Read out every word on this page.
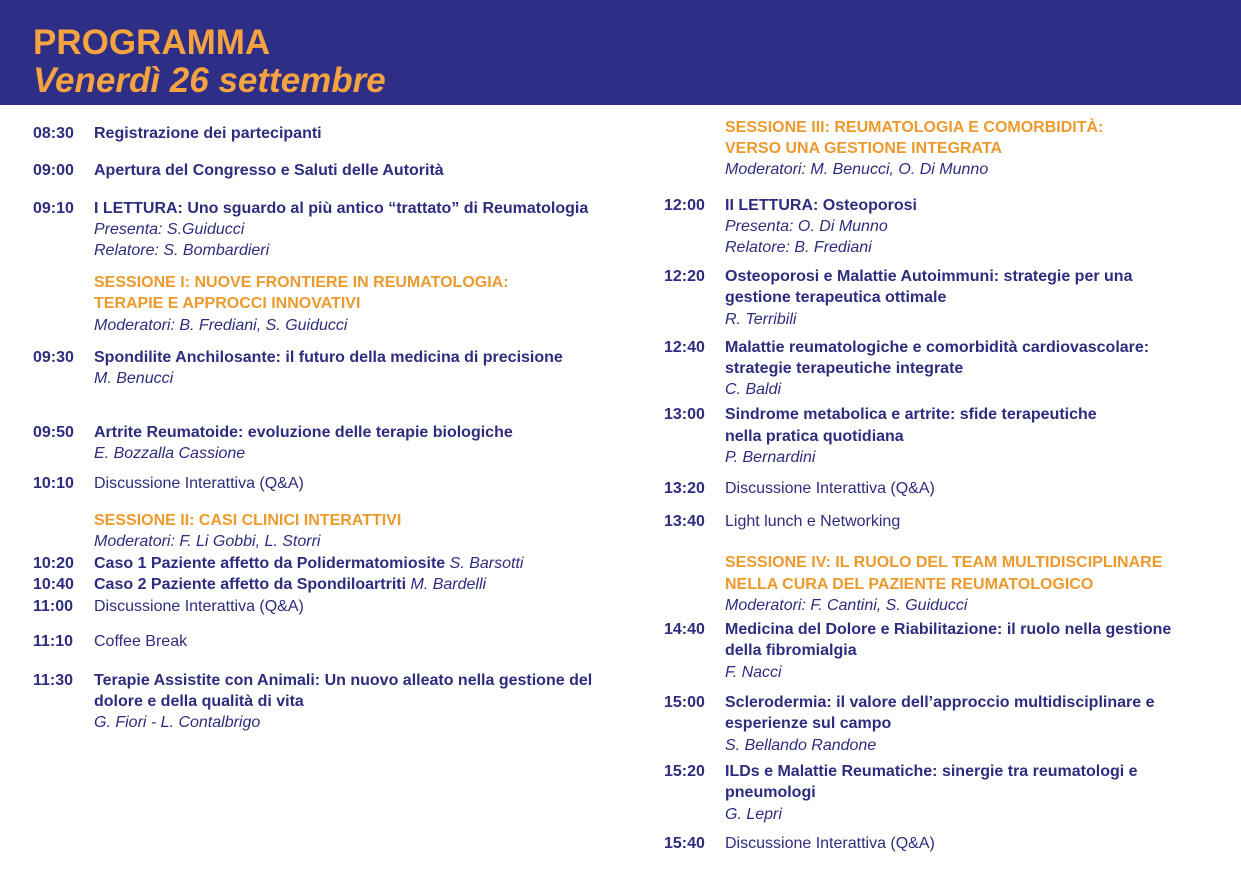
PROGRAMMA
Venerdì 26 settembre
08:30 Registrazione dei partecipanti
09:00 Apertura del Congresso e Saluti delle Autorità
09:10 I LETTURA: Uno sguardo al più antico “trattato” di Reumatologia
Presenta: S.Guiducci
Relatore: S. Bombardieri
SESSIONE I: NUOVE FRONTIERE IN REUMATOLOGIA:
TERAPIE E APPROCCI INNOVATIVI
Moderatori: B. Frediani, S. Guiducci
09:30 Spondilite Anchilosante: il futuro della medicina di precisione
M. Benucci
09:50 Artrite Reumatoide: evoluzione delle terapie biologiche
E. Bozzalla Cassione
10:10 Discussione Interattiva (Q&A)
SESSIONE II: CASI CLINICI INTERATTIVI
Moderatori: F. Li Gobbi, L. Storri
10:20 Caso 1 Paziente affetto da Polidermatomiosite S. Barsotti
10:40 Caso 2 Paziente affetto da Spondiloartriti M. Bardelli
11:00 Discussione Interattiva (Q&A)
11:10 Coffee Break
11:30 Terapie Assistite con Animali: Un nuovo alleato nella gestione del
dolore e della qualità di vita
G. Fiori - L. Contalbrigo
SESSIONE III: REUMATOLOGIA E COMORBIDITÀ:
VERSO UNA GESTIONE INTEGRATA
Moderatori: M. Benucci, O. Di Munno
12:00 II LETTURA: Osteoporosi
Presenta: O. Di Munno
Relatore: B. Frediani
12:20 Osteoporosi e Malattie Autoimmuni: strategie per una
gestione terapeutica ottimale
R. Terribili
12:40 Malattie reumatologiche e comorbidità cardiovascolare:
strategie terapeutiche integrate
C. Baldi
13:00 Sindrome metabolica e artrite: sfide terapeutiche
nella pratica quotidiana
P. Bernardini
13:20 Discussione Interattiva (Q&A)
13:40 Light lunch e Networking
SESSIONE IV: IL RUOLO DEL TEAM MULTIDISCIPLINARE
NELLA CURA DEL PAZIENTE REUMATOLOGICO
Moderatori: F. Cantini, S. Guiducci
14:40 Medicina del Dolore e Riabilitazione: il ruolo nella gestione
della fibromialgia
F. Nacci
15:00 Sclerodermia: il valore dell’approccio multidisciplinare e
esperienze sul campo
S. Bellando Randone
15:20 ILDs e Malattie Reumatiche: sinergie tra reumatologi e
pneumologi
G. Lepri
15:40 Discussione Interattiva (Q&A)
